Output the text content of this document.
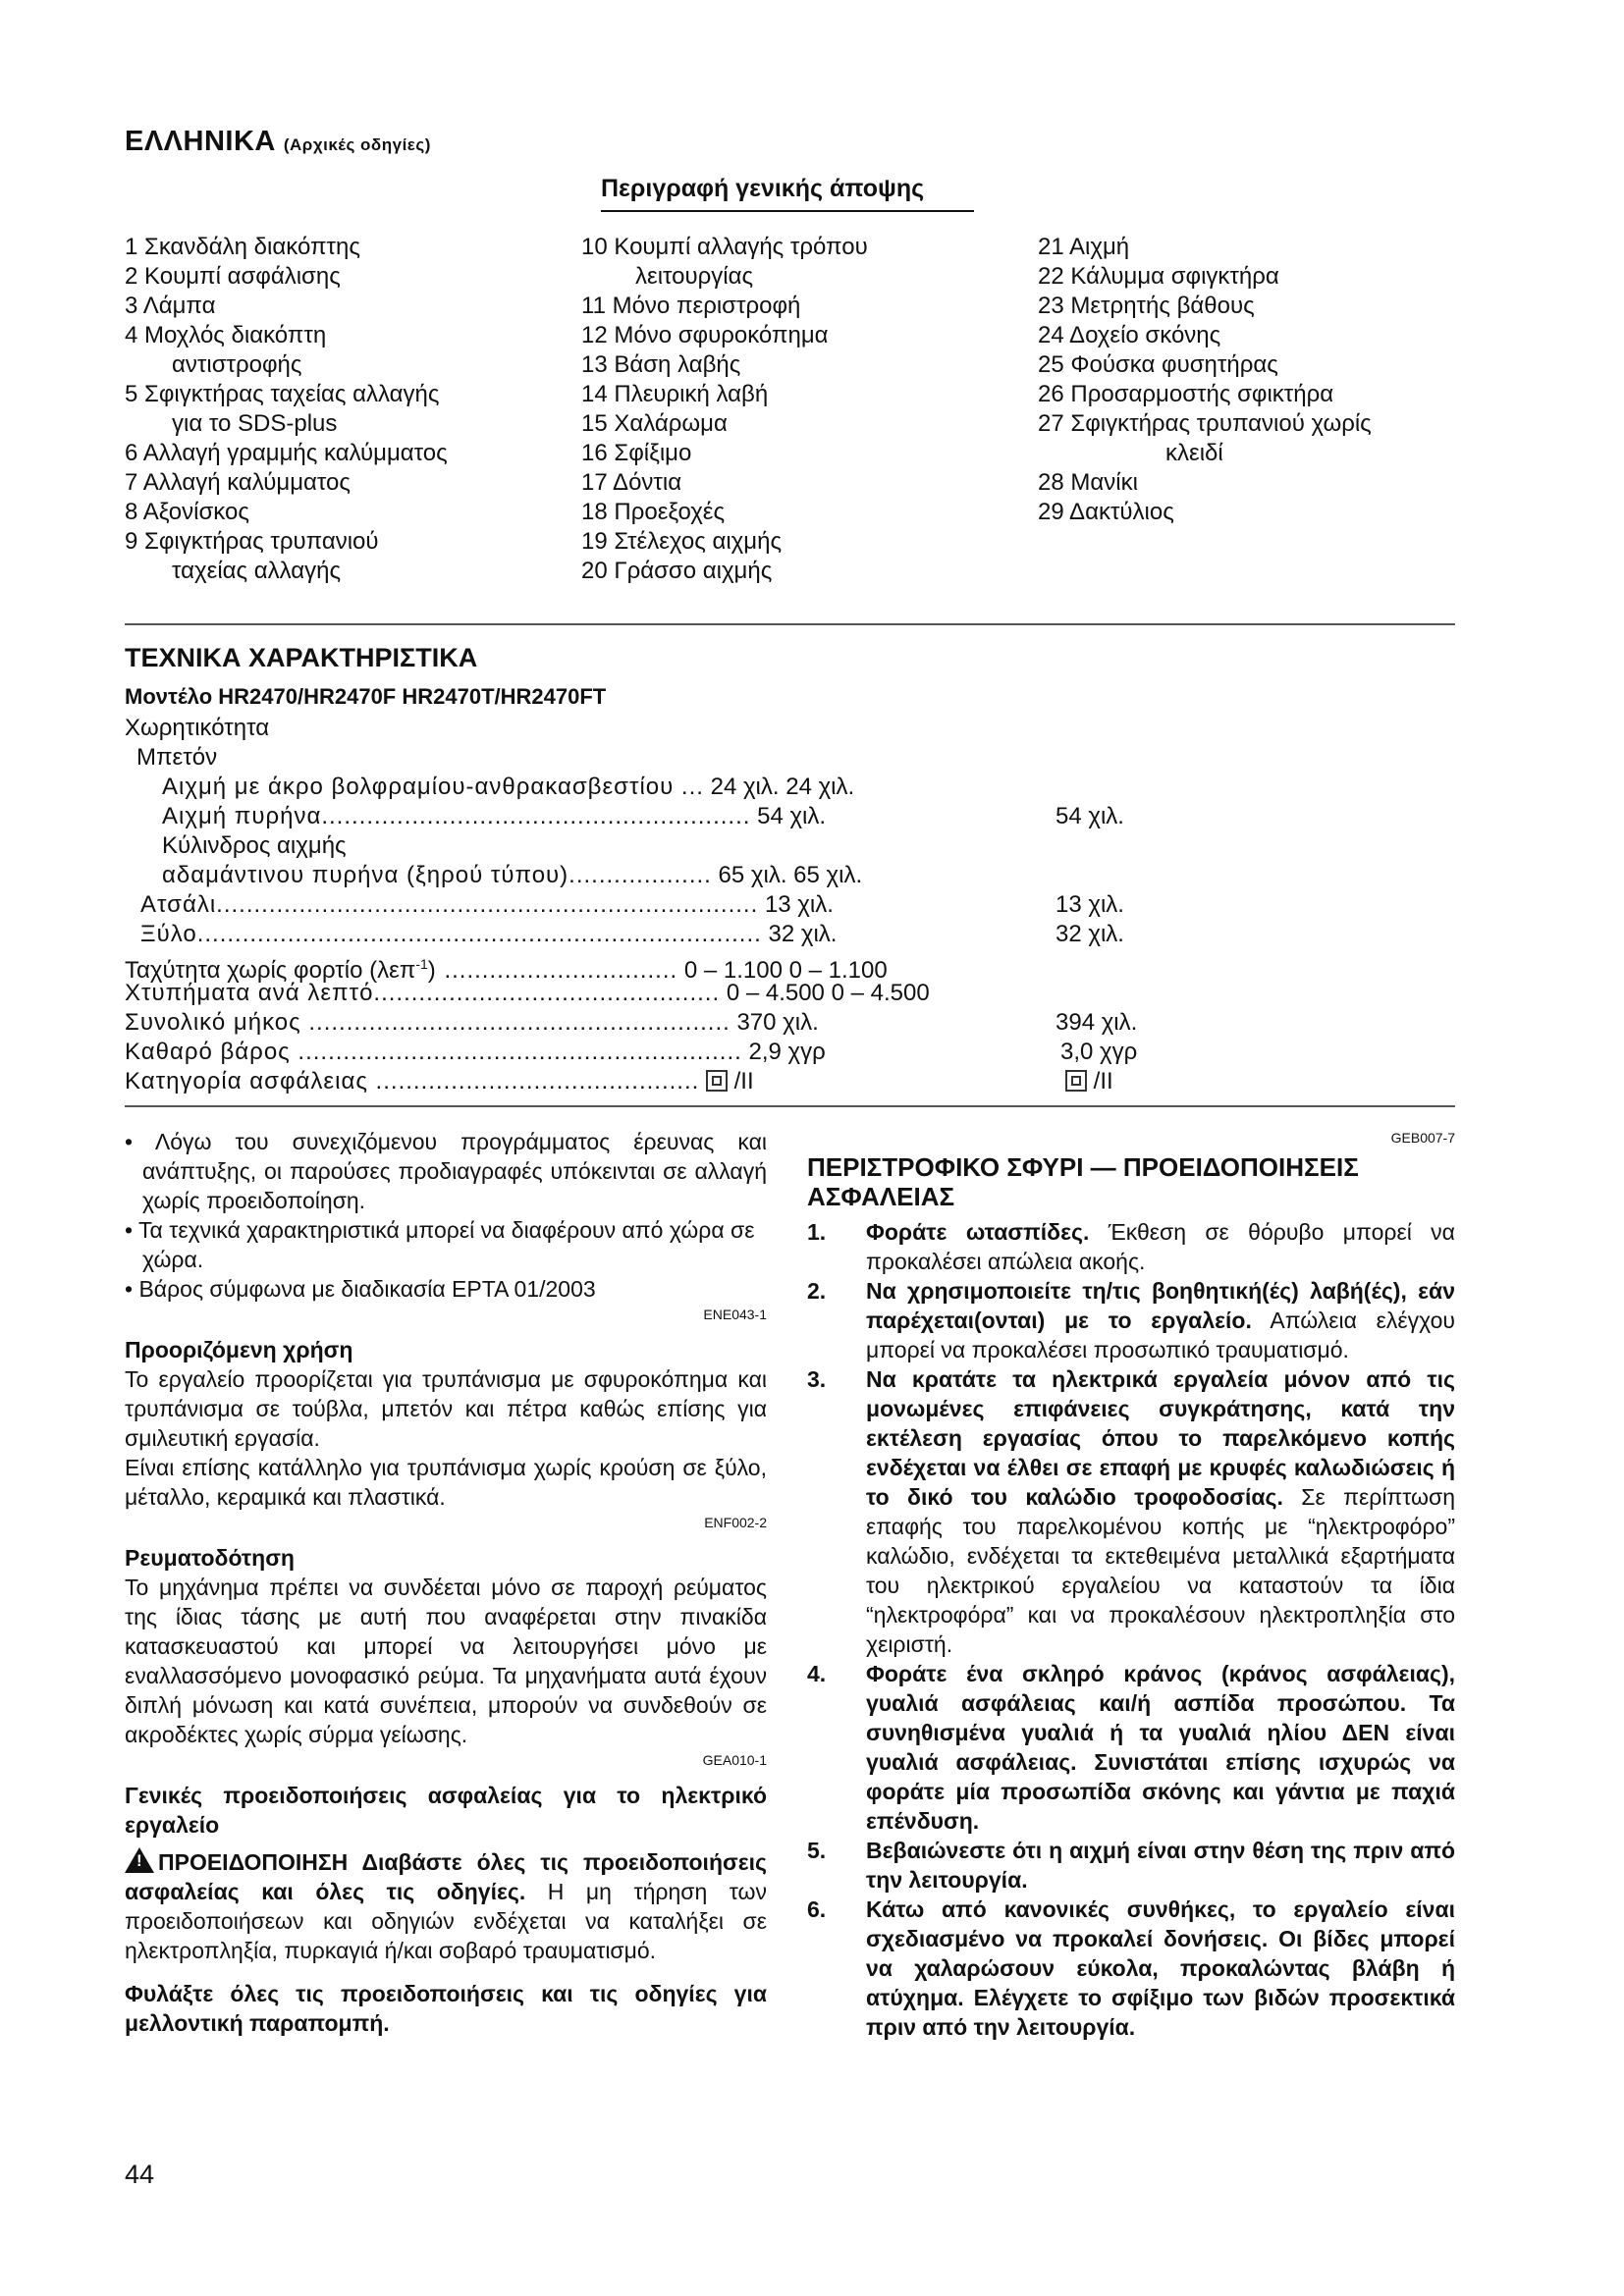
ΕΛΛΗΝΙΚΑ (Αρχικές οδηγίες)
Περιγραφή γενικής άποψης
1 Σκανδάλη διακόπτης
2 Κουμπί ασφάλισης
3 Λάμπα
4 Μοχλός διακόπτη
αντιστροφής
5 Σφιγκτήρας ταχείας αλλαγής
για το SDS-plus
6 Αλλαγή γραμμής καλύμματος
7 Αλλαγή καλύμματος
8 Αξονίσκος
9 Σφιγκτήρας τρυπανιού
ταχείας αλλαγής
10 Κουμπί αλλαγής τρόπου
λειτουργίας
11 Μόνο περιστροφή
12 Μόνο σφυροκόπημα
13 Βάση λαβής
14 Πλευρική λαβή
15 Χαλάρωμα
16 Σφίξιμο
17 Δόντια
18 Προεξοχές
19 Στέλεχος αιχμής
20 Γράσσο αιχμής
21 Αιχμή
22 Κάλυμμα σφιγκτήρα
23 Μετρητής βάθους
24 Δοχείο σκόνης
25 Φούσκα φυσητήρας
26 Προσαρμοστής σφικτήρα
27 Σφιγκτήρας τρυπανιού χωρίς
κλειδί
28 Μανίκι
29 Δακτύλιος
ΤΕΧΝΙΚΑ ΧΑΡΑΚΤΗΡΙΣΤΙΚΑ
Μοντέλο HR2470/HR2470F HR2470T/HR2470FT
Χωρητικότητα
Μπετόν
Αιχμή με άκρο βολφραμίου-ανθρακασβεστίου ... 24 χιλ. 24 χιλ.
Αιχμή πυρήνα......................................................... 54 χιλ.	54 χιλ.
Κύλινδρος αιχμής
αδαμάντινου πυρήνα (ξηρού τύπου)................... 65 χιλ. 65 χιλ.
Ατσάλι........................................................................ 13 χιλ.	13 χιλ.
Ξύλο........................................................................... 32 χιλ.	32 χιλ.
Ταχύτητα χωρίς φορτίο (λεπ$^{-1}$) ............................... 0 – 1.100 0 – 1.100
Χτυπήματα ανά λεπτό.............................................. 0 – 4.500 0 – 4.500
Συνολικό μήκος ........................................................ 370 χιλ.	394 χιλ.
Καθαρό βάρος ........................................................... 2,9 χγρ	3,0 χγρ
Κατηγορία ασφάλειας ........................................... /II	/II

• Λόγω του συνεχιζόμενου προγράμματος έρευνας και ανάπτυξης, οι παρούσες προδιαγραφές υπόκεινται σε αλλαγή χωρίς προειδοποίηση.

• Τα τεχνικά χαρακτηριστικά μπορεί να διαφέρουν από χώρα σε χώρα.

• Βάρος σύμφωνα με διαδικασία EPTA 01/2003

ENE043-1

Προοριζόμενη χρήση

Το εργαλείο προορίζεται για τρυπάνισμα με σφυροκόπημα και τρυπάνισμα σε τούβλα, μπετόν και πέτρα καθώς επίσης για σμιλευτική εργασία.

Είναι επίσης κατάλληλο για τρυπάνισμα χωρίς κρούση σε ξύλο, μέταλλο, κεραμικά και πλαστικά.

ENF002-2

Ρευματοδότηση

Το μηχάνημα πρέπει να συνδέεται μόνο σε παροχή ρεύματος της ίδιας τάσης με αυτή που αναφέρεται στην πινακίδα κατασκευαστού και μπορεί να λειτουργήσει μόνο με εναλλασσόμενο μονοφασικό ρεύμα. Τα μηχανήματα αυτά έχουν διπλή μόνωση και κατά συνέπεια, μπορούν να συνδεθούν σε ακροδέκτες χωρίς σύρμα γείωσης.

GEA010-1

Γενικές προειδοποιήσεις ασφαλείας για το ηλεκτρικό εργαλείο

!ΠΡΟΕΙΔΟΠΟΙΗΣΗ Διαβάστε όλες τις προειδοποιήσεις ασφαλείας και όλες τις οδηγίες. Η μη τήρηση των προειδοποιήσεων και οδηγιών ενδέχεται να καταλήξει σε ηλεκτροπληξία, πυρκαγιά ή/και σοβαρό τραυματισμό.

Φυλάξτε όλες τις προειδοποιήσεις και τις οδηγίες για μελλοντική παραπομπή.

GEB007-7

ΠΕΡΙΣΤΡΟΦΙΚΟ ΣΦΥΡΙ — ΠΡΟΕΙΔΟΠΟΙΗΣΕΙΣ ΑΣΦΑΛΕΙΑΣ

1. Φοράτε ωτασπίδες. Έκθεση σε θόρυβο μπορεί να προκαλέσει απώλεια ακοής.
2. Να χρησιμοποιείτε τη/τις βοηθητική(ές) λαβή(ές), εάν παρέχεται(ονται) με το εργαλείο. Απώλεια ελέγχου μπορεί να προκαλέσει προσωπικό τραυματισμό.
3. Να κρατάτε τα ηλεκτρικά εργαλεία μόνον από τις μονωμένες επιφάνειες συγκράτησης, κατά την εκτέλεση εργασίας όπου το παρελκόμενο κοπής ενδέχεται να έλθει σε επαφή με κρυφές καλωδιώσεις ή το δικό του καλώδιο τροφοδοσίας. Σε περίπτωση επαφής του παρελκομένου κοπής με “ηλεκτροφόρο” καλώδιο, ενδέχεται τα εκτεθειμένα μεταλλικά εξαρτήματα του ηλεκτρικού εργαλείου να καταστούν τα ίδια “ηλεκτροφόρα” και να προκαλέσουν ηλεκτροπληξία στο χειριστή.
4. Φοράτε ένα σκληρό κράνος (κράνος ασφάλειας), γυαλιά ασφάλειας και/ή ασπίδα προσώπου. Τα συνηθισμένα γυαλιά ή τα γυαλιά ηλίου ΔΕΝ είναι γυαλιά ασφάλειας. Συνιστάται επίσης ισχυρώς να φοράτε μία προσωπίδα σκόνης και γάντια με παχιά επένδυση.
5. Βεβαιώνεστε ότι η αιχμή είναι στην θέση της πριν από την λειτουργία.
6. Κάτω από κανονικές συνθήκες, το εργαλείο είναι σχεδιασμένο να προκαλεί δονήσεις. Οι βίδες μπορεί να χαλαρώσουν εύκολα, προκαλώντας βλάβη ή ατύχημα. Ελέγχετε το σφίξιμο των βιδών προσεκτικά πριν από την λειτουργία.
44
